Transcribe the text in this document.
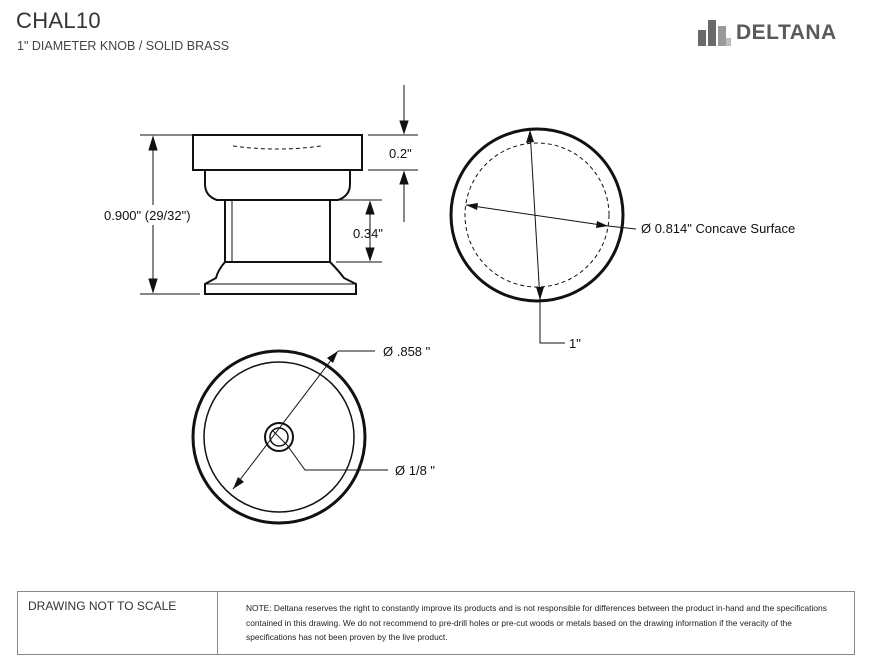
CHAL10
1" DIAMETER KNOB / SOLID BRASS
DELTANA
0.900" (29/32")
0.2"
0.34"	Ø 0.814" Concave Surface
1"
Ø .858 "
Ø 1/8 "
DRAWING NOT TO SCALE	NOTE: Deltana reserves the right to constantly improve its products and is not responsible for differences between the product in-hand and the specifications contained in this drawing. We do not recommend to pre-drill holes or pre-cut woods or metals based on the drawing information if the veracity of the specifications has not been proven by the live product.
